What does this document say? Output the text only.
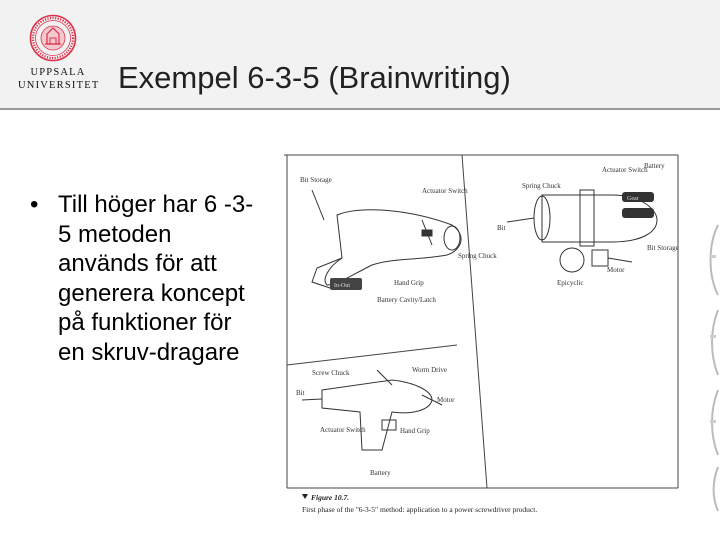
UPPSALA
UNIVERSITET Exempel 6-3-5 (Brainwriting)
• Till höger har 6 -3-5 metoden används för att generera koncept på funktioner för en skruv-dragare
In-Out
Bit Storage
Actuator Switch
Spring Chuck
Hand Grip
Battery Cavity/Latch
Bit
Spring Chuck
Actuator Switch
Battery
Bit Storage
Motor
Epicyclic
Gear
Screw Chuck
Bit
Worm Drive
Motor
Hand Grip
Actuator Switch
Battery
Figure 10.7.
First phase of the "6-3-5" method: application to a power screwdriver product.
